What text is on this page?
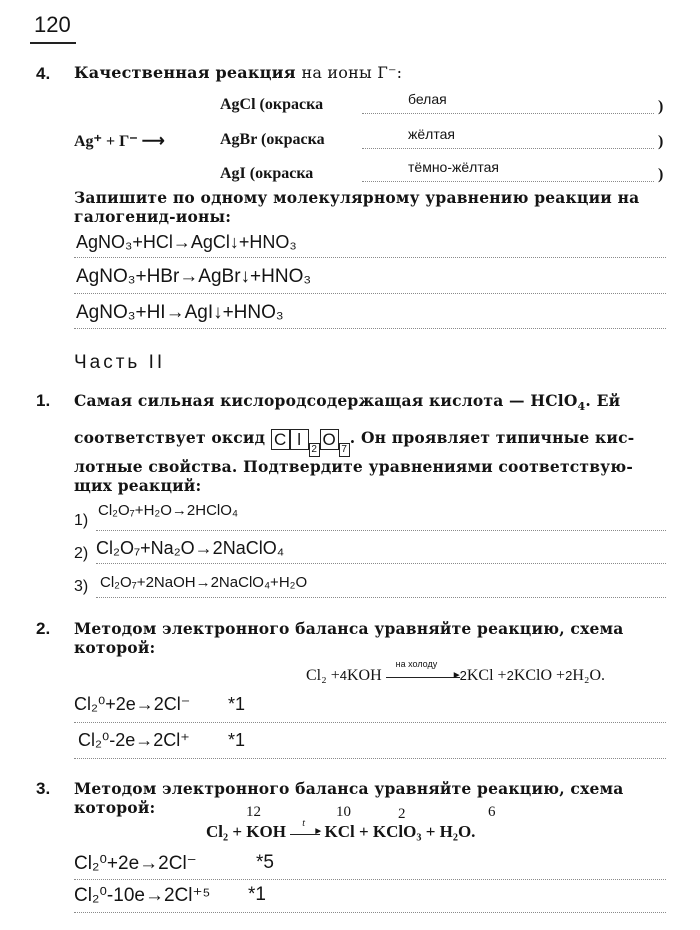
120
4. Качественная реакция на ионы Г⁻:
Ag⁺ + Г⁻ ⟶
AgCl (окраска	белая	)
AgBr (окраска	жёлтая	)
AgI (окраска	тёмно-жёлтая	)
Запишите по одному молекулярному уравнению реакции на
галогенид-ионы:
AgNO₃+HCl→AgCl↓+HNO₃
AgNO₃+HBr→AgBr↓+HNO₃
AgNO₃+HI→AgI↓+HNO₃
Часть II
1. Самая сильная кислородсодержащая кислота — HClO$_4$. Ей
соответствует оксид C l2O7. Он проявляет типичные кис-
лотные свойства. Подтвердите уравнениями соответствую-
щих реакций:
1)
Cl₂O₇+H₂O→2HClO₄
2) Cl₂O₇+Na₂O→2NaClO₄
3) Cl₂O₇+2NaOH→2NaClO₄+H₂O
2. Методом электронного баланса уравняйте реакцию, схема
которой:
Cl₂ +4KOH
на холоду
►
2KCl +2KClO +2H₂O.
Cl₂⁰+2e→2Cl⁻ *1
Cl₂⁰-2e→2Cl⁺ *1
3. Методом электронного баланса уравняйте реакцию, схема
которой:	12	10	2	6
Cl₂ + KOH t
► KCl + KClO₃ + H₂O.
Cl₂⁰+2e→2Cl⁻	*5
Cl₂⁰-10e→2Cl⁺⁵ *1
